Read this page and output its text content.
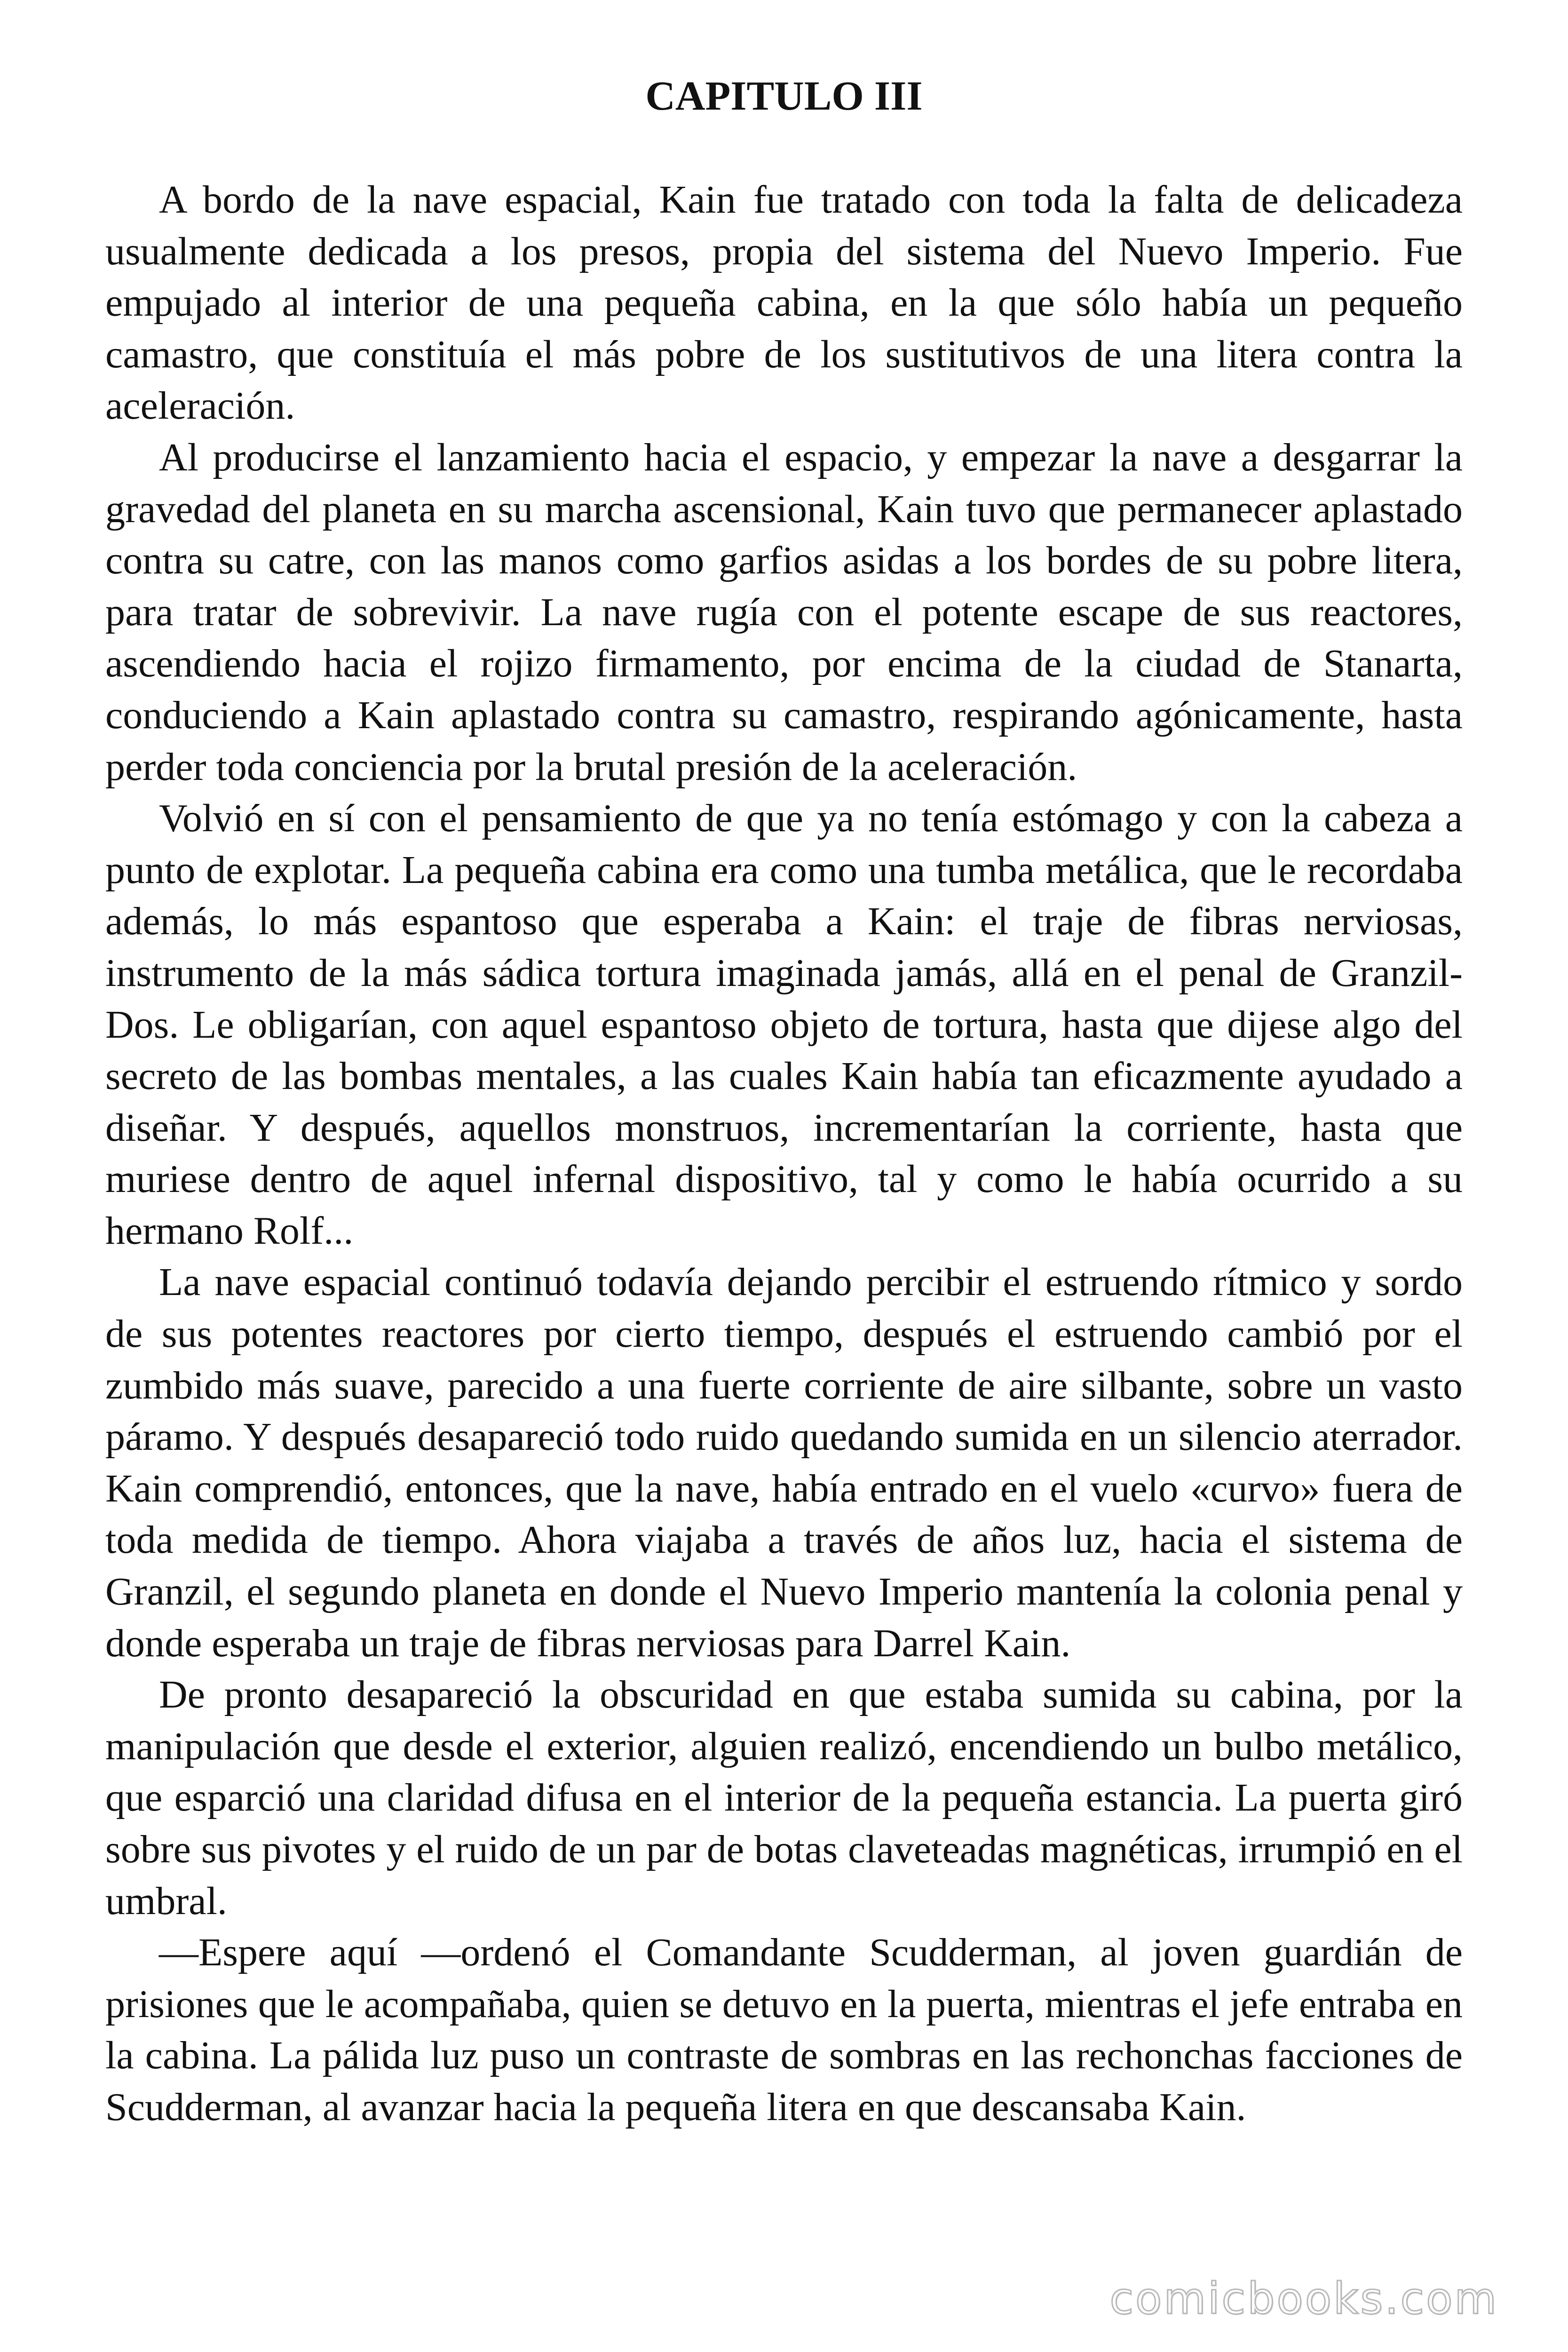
CAPITULO III

A bordo de la nave espacial, Kain fue tratado con toda la falta de delicadeza usualmente dedicada a los presos, propia del sistema del Nuevo Imperio. Fue empujado al interior de una pequeña cabina, en la que sólo había un pequeño camastro, que constituía el más pobre de los sustitutivos de una litera contra la aceleración.

Al producirse el lanzamiento hacia el espacio, y empezar la nave a desgarrar la gravedad del planeta en su marcha ascensional, Kain tuvo que permanecer aplastado contra su catre, con las manos como garfios asidas a los bordes de su pobre litera, para tratar de sobrevivir. La nave rugía con el potente escape de sus reactores, ascendiendo hacia el rojizo firmamento, por encima de la ciudad de Stanarta, conduciendo a Kain aplastado contra su camastro, respirando agónicamente, hasta perder toda conciencia por la brutal presión de la aceleración.

Volvió en sí con el pensamiento de que ya no tenía estómago y con la cabeza a punto de explotar. La pequeña cabina era como una tumba metálica, que le recordaba además, lo más espantoso que esperaba a Kain: el traje de fibras nerviosas, instrumento de la más sádica tortura imaginada jamás, allá en el penal de Granzil-Dos. Le obligarían, con aquel espantoso objeto de tortura, hasta que dijese algo del secreto de las bombas mentales, a las cuales Kain había tan eficazmente ayudado a diseñar. Y después, aquellos monstruos, incrementarían la corriente, hasta que muriese dentro de aquel infernal dispositivo, tal y como le había ocurrido a su hermano Rolf...

La nave espacial continuó todavía dejando percibir el estruendo rítmico y sordo de sus potentes reactores por cierto tiempo, después el estruendo cambió por el zumbido más suave, parecido a una fuerte corriente de aire silbante, sobre un vasto páramo. Y después desapareció todo ruido quedando sumida en un silencio aterrador. Kain comprendió, entonces, que la nave, había entrado en el vuelo «curvo» fuera de toda medida de tiempo. Ahora viajaba a través de años luz, hacia el sistema de Granzil, el segundo planeta en donde el Nuevo Imperio mantenía la colonia penal y donde esperaba un traje de fibras nerviosas para Darrel Kain.

De pronto desapareció la obscuridad en que estaba sumida su cabina, por la manipulación que desde el exterior, alguien realizó, encendiendo un bulbo metálico, que esparció una claridad difusa en el interior de la pequeña estancia. La puerta giró sobre sus pivotes y el ruido de un par de botas claveteadas magnéticas, irrumpió en el umbral.

—Espere aquí —ordenó el Comandante Scudderman, al joven guardián de prisiones que le acompañaba, quien se detuvo en la puerta, mientras el jefe entraba en la cabina. La pálida luz puso un contraste de sombras en las rechonchas facciones de Scudderman, al avanzar hacia la pequeña litera en que descansaba Kain.

comicbooks.com
